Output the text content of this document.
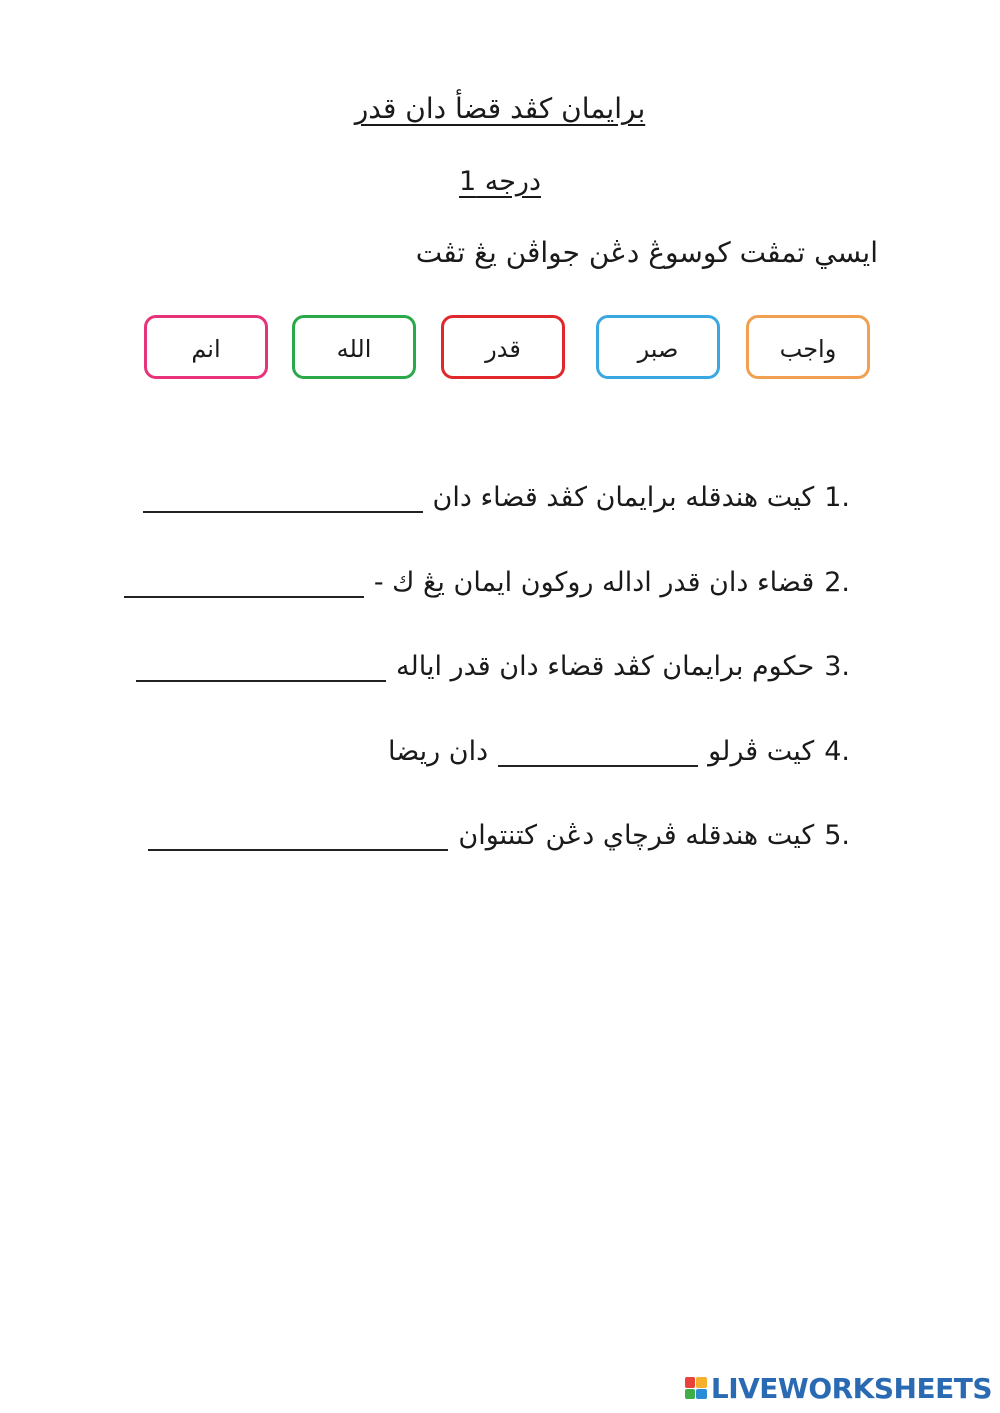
برايمان كڤد قضأ دان قدر
درجه 1
ايسي تمڤت كوسوڠ دڠن جواڤن يڠ تڤت
واجب
صبر
قدر
الله
انم
1.
كيت هندقله برايمان كڤد قضاء دان
2.
قضاء دان قدر اداله روكون ايمان يڠ ك -
3.
حكوم برايمان كڤد قضاء دان قدر اياله
4.
كيت ڤرلو
دان ريضا
5.
كيت هندقله ڤرچاي دڠن كتنتوان
LIVEWORKSHEETS
